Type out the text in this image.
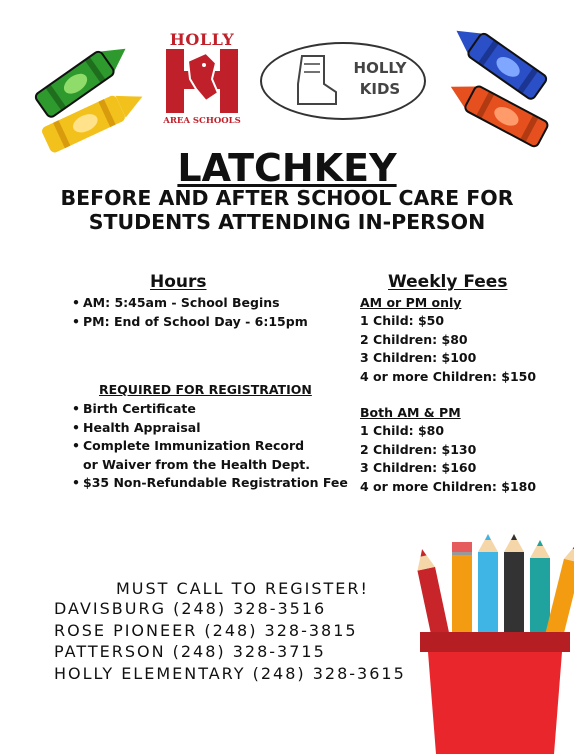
HOLLY
AREA SCHOOLS
HOLLY
KIDS
LATCHKEY
BEFORE AND AFTER SCHOOL CARE FOR
STUDENTS ATTENDING IN-PERSON
Hours
• AM: 5:45am - School Begins
• PM: End of School Day - 6:15pm
REQUIRED FOR REGISTRATION
• Birth Certificate
• Health Appraisal
• Complete Immunization Record
or Waiver from the Health Dept.
• $35 Non-Refundable Registration Fee
Weekly Fees
AM or PM only
1 Child: $50
2 Children: $80
3 Children: $100
4 or more Children: $150
Both AM & PM
1 Child: $80
2 Children: $130
3 Children: $160
4 or more Children: $180
MUST CALL TO REGISTER!
DAVISBURG (248) 328-3516
ROSE PIONEER (248) 328-3815
PATTERSON (248) 328-3715
HOLLY ELEMENTARY (248) 328-3615
